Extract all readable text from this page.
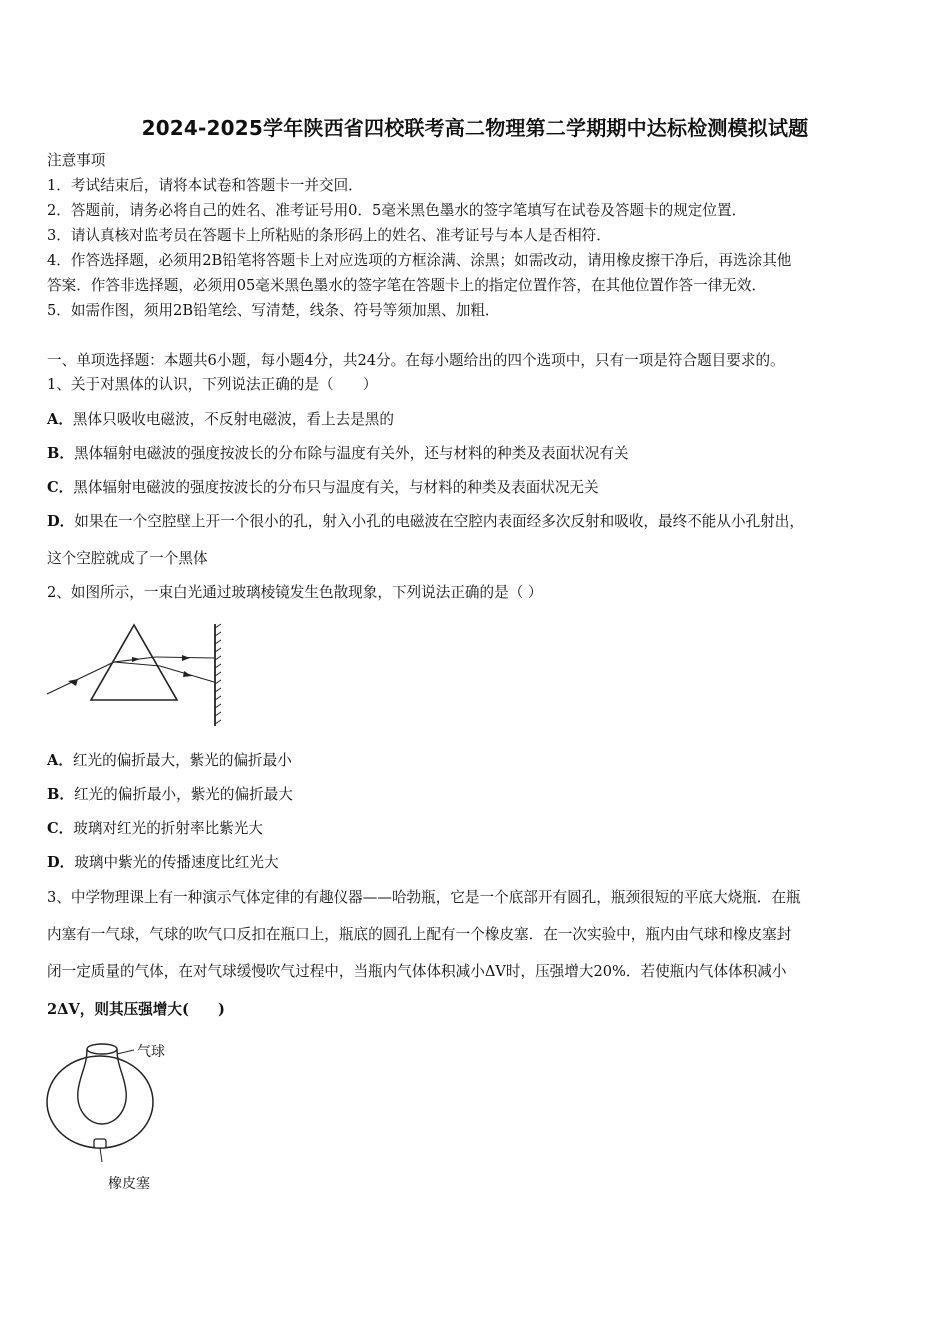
2024-2025学年陕西省四校联考高二物理第二学期期中达标检测模拟试题
注意事项
1．考试结束后，请将本试卷和答题卡一并交回．
2．答题前，请务必将自己的姓名、准考证号用0．5毫米黑色墨水的签字笔填写在试卷及答题卡的规定位置．
3．请认真核对监考员在答题卡上所粘贴的条形码上的姓名、准考证号与本人是否相符．
4．作答选择题，必须用2B铅笔将答题卡上对应选项的方框涂满、涂黑；如需改动，请用橡皮擦干净后，再选涂其他
答案．作答非选择题，必须用05毫米黑色墨水的签字笔在答题卡上的指定位置作答，在其他位置作答一律无效．
5．如需作图，须用2B铅笔绘、写清楚，线条、符号等须加黑、加粗．
一、单项选择题：本题共6小题，每小题4分，共24分。在每小题给出的四个选项中，只有一项是符合题目要求的。
1、关于对黑体的认识，下列说法正确的是（　　）
A．黑体只吸收电磁波，不反射电磁波，看上去是黑的
B．黑体辐射电磁波的强度按波长的分布除与温度有关外，还与材料的种类及表面状况有关
C．黑体辐射电磁波的强度按波长的分布只与温度有关，与材料的种类及表面状况无关
D．如果在一个空腔壁上开一个很小的孔，射入小孔的电磁波在空腔内表面经多次反射和吸收，最终不能从小孔射出，
这个空腔就成了一个黑体
2、如图所示，一束白光通过玻璃棱镜发生色散现象，下列说法正确的是（ ）
A．红光的偏折最大，紫光的偏折最小
B．红光的偏折最小，紫光的偏折最大
C．玻璃对红光的折射率比紫光大
D．玻璃中紫光的传播速度比红光大
3、中学物理课上有一种演示气体定律的有趣仪器——哈勃瓶，它是一个底部开有圆孔，瓶颈很短的平底大烧瓶．在瓶
内塞有一气球，气球的吹气口反扣在瓶口上，瓶底的圆孔上配有一个橡皮塞．在一次实验中，瓶内由气球和橡皮塞封
闭一定质量的气体，在对气球缓慢吹气过程中，当瓶内气体体积减小ΔV时，压强增大20%．若使瓶内气体体积减小
2ΔV，则其压强增大(　　)
气球
橡皮塞
